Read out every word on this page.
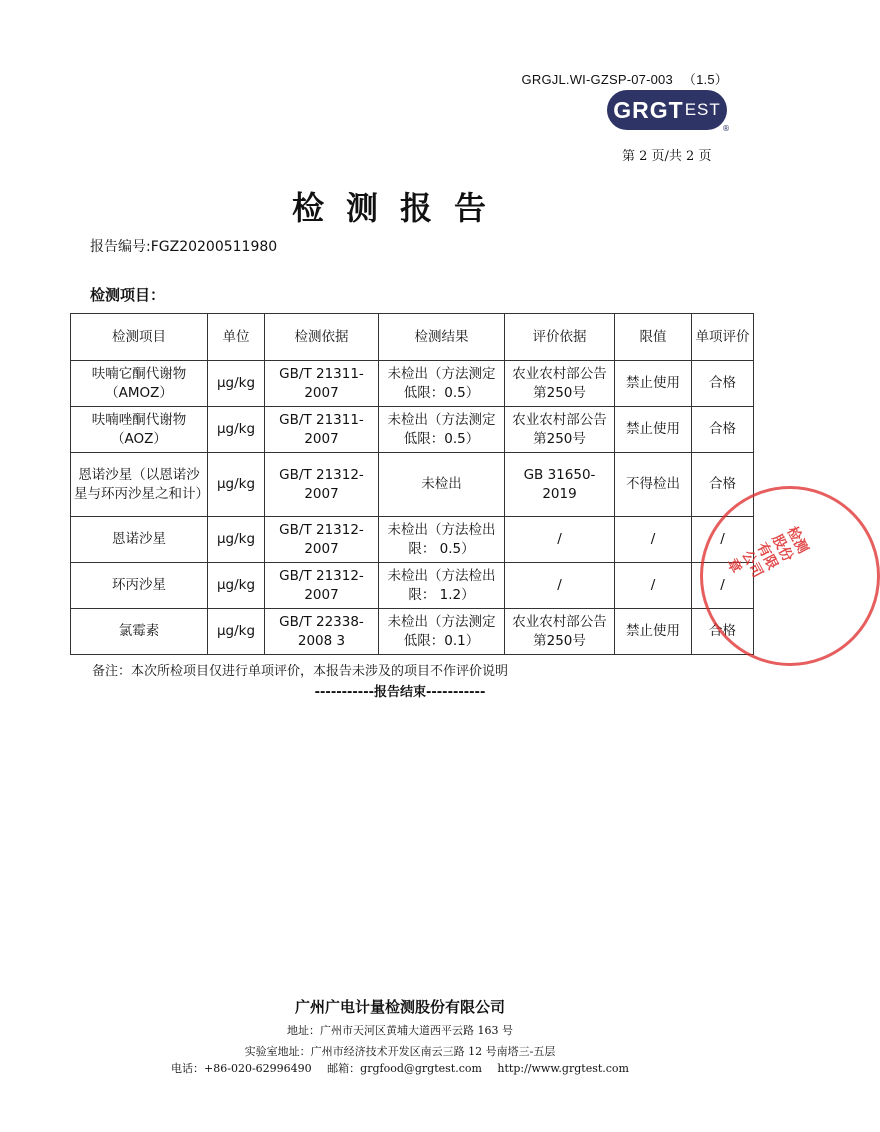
GRGJL.WI-GZSP-07-003 （1.5）
GRGT EST
®
第 2 页/共 2 页
检测报告
报告编号:FGZ20200511980
检测项目：
检测项目	单位	检测依据	检测结果	评价依据	限值	单项评价
呋喃它酮代谢物（AMOZ）	μg/kg	GB/T 21311-2007	未检出（方法测定低限：0.5）	农业农村部公告第250号	禁止使用	合格
呋喃唑酮代谢物（AOZ）	μg/kg	GB/T 21311-2007	未检出（方法测定低限：0.5）	农业农村部公告第250号	禁止使用	合格
恩诺沙星（以恩诺沙星与环丙沙星之和计）	μg/kg	GB/T 21312-2007	未检出	GB 31650-2019	不得检出	合格
恩诺沙星	μg/kg	GB/T 21312-2007	未检出（方法检出限： 0.5）	/	/	/
环丙沙星	μg/kg	GB/T 21312-2007	未检出（方法检出限： 1.2）	/	/	/
氯霉素	μg/kg	GB/T 22338-2008 3	未检出（方法测定低限：0.1）	农业农村部公告 第250号	禁止使用	合格
检测股份有限公司章
备注：本次所检项目仅进行单项评价，本报告未涉及的项目不作评价说明
-----------报告结束-----------
广州广电计量检测股份有限公司
地址：广州市天河区黄埔大道西平云路 163 号
实验室地址：广州市经济技术开发区南云三路 12 号南塔三-五层
电话：+86-020-62996490 邮箱：grgfood@grgtest.com http://www.grgtest.com
